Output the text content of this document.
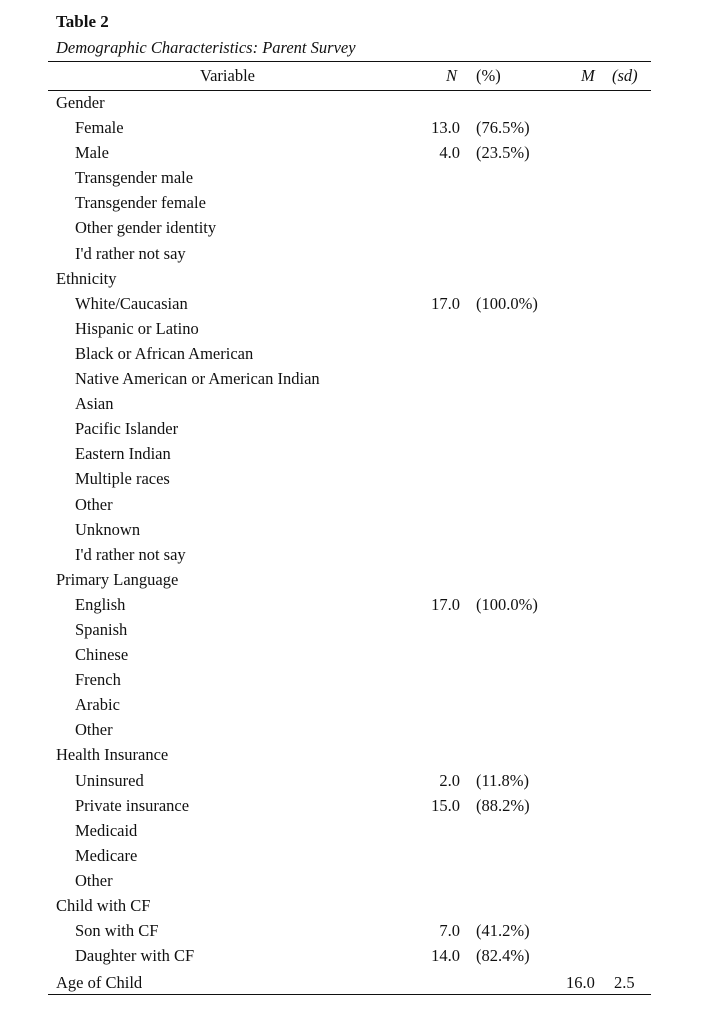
Table 2

Demographic Characteristics: Parent Survey

Variable	N (%)	M (sd)
Gender
Female	13.0 (76.5%)
Male	4.0 (23.5%)
Transgender male
Transgender female
Other gender identity
I'd rather not say
Ethnicity
White/Caucasian	17.0 (100.0%)
Hispanic or Latino
Black or African American
Native American or American Indian
Asian
Pacific Islander
Eastern Indian
Multiple races
Other
Unknown
I'd rather not say
Primary Language
English	17.0 (100.0%)
Spanish
Chinese
French
Arabic
Other
Health Insurance
Uninsured	2.0 (11.8%)
Private insurance	15.0 (88.2%)
Medicaid
Medicare
Other
Child with CF
Son with CF	7.0 (41.2%)
Daughter with CF	14.0 (82.4%)
Age of Child	16.0 2.5
